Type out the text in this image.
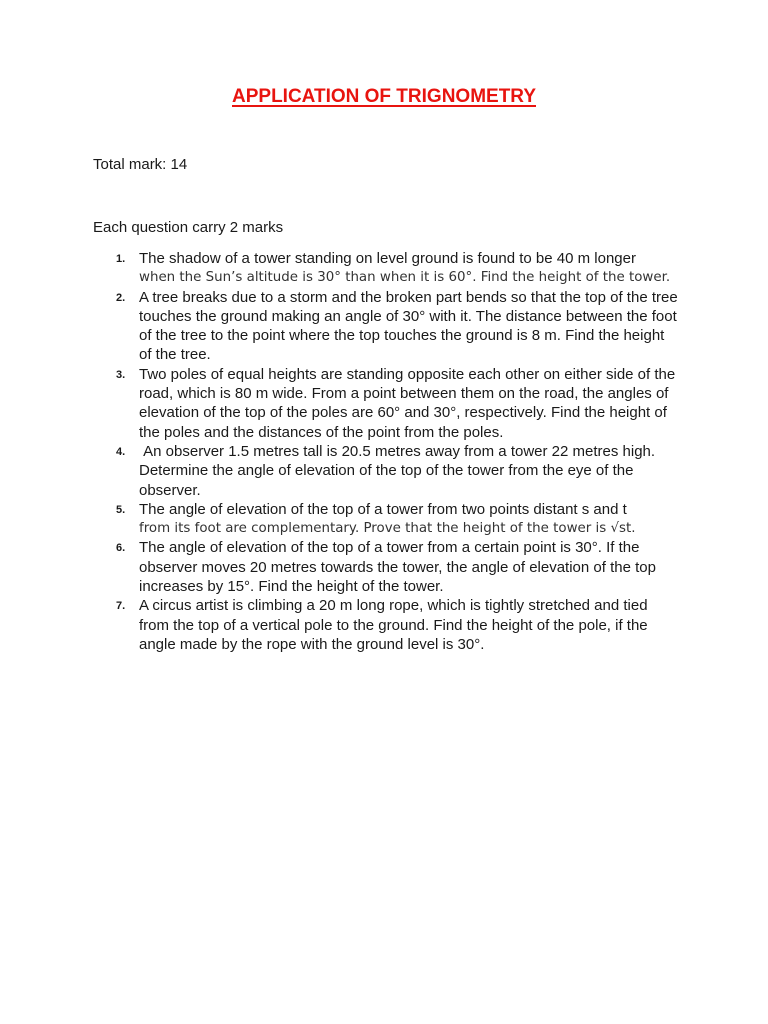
APPLICATION OF TRIGNOMETRY
Total mark: 14
Each question carry 2 marks
1. The shadow of a tower standing on level ground is found to be 40 m longer
when the Sun’s altitude is 30° than when it is 60°. Find the height of the tower.
2. A tree breaks due to a storm and the broken part bends so that the top of the tree touches the ground making an angle of 30° with it. The distance between the foot of the tree to the point where the top touches the ground is 8 m. Find the height of the tree.
3. Two poles of equal heights are standing opposite each other on either side of the road, which is 80 m wide. From a point between them on the road, the angles of elevation of the top of the poles are 60° and 30°, respectively. Find the height of the poles and the distances of the point from the poles.
4. An observer 1.5 metres tall is 20.5 metres away from a tower 22 metres high. Determine the angle of elevation of the top of the tower from the eye of the observer.
5. The angle of elevation of the top of a tower from two points distant s and t
from its foot are complementary. Prove that the height of the tower is √st.
6. The angle of elevation of the top of a tower from a certain point is 30°. If the observer moves 20 metres towards the tower, the angle of elevation of the top increases by 15°. Find the height of the tower.
7. A circus artist is climbing a 20 m long rope, which is tightly stretched and tied from the top of a vertical pole to the ground. Find the height of the pole, if the angle made by the rope with the ground level is 30°.
